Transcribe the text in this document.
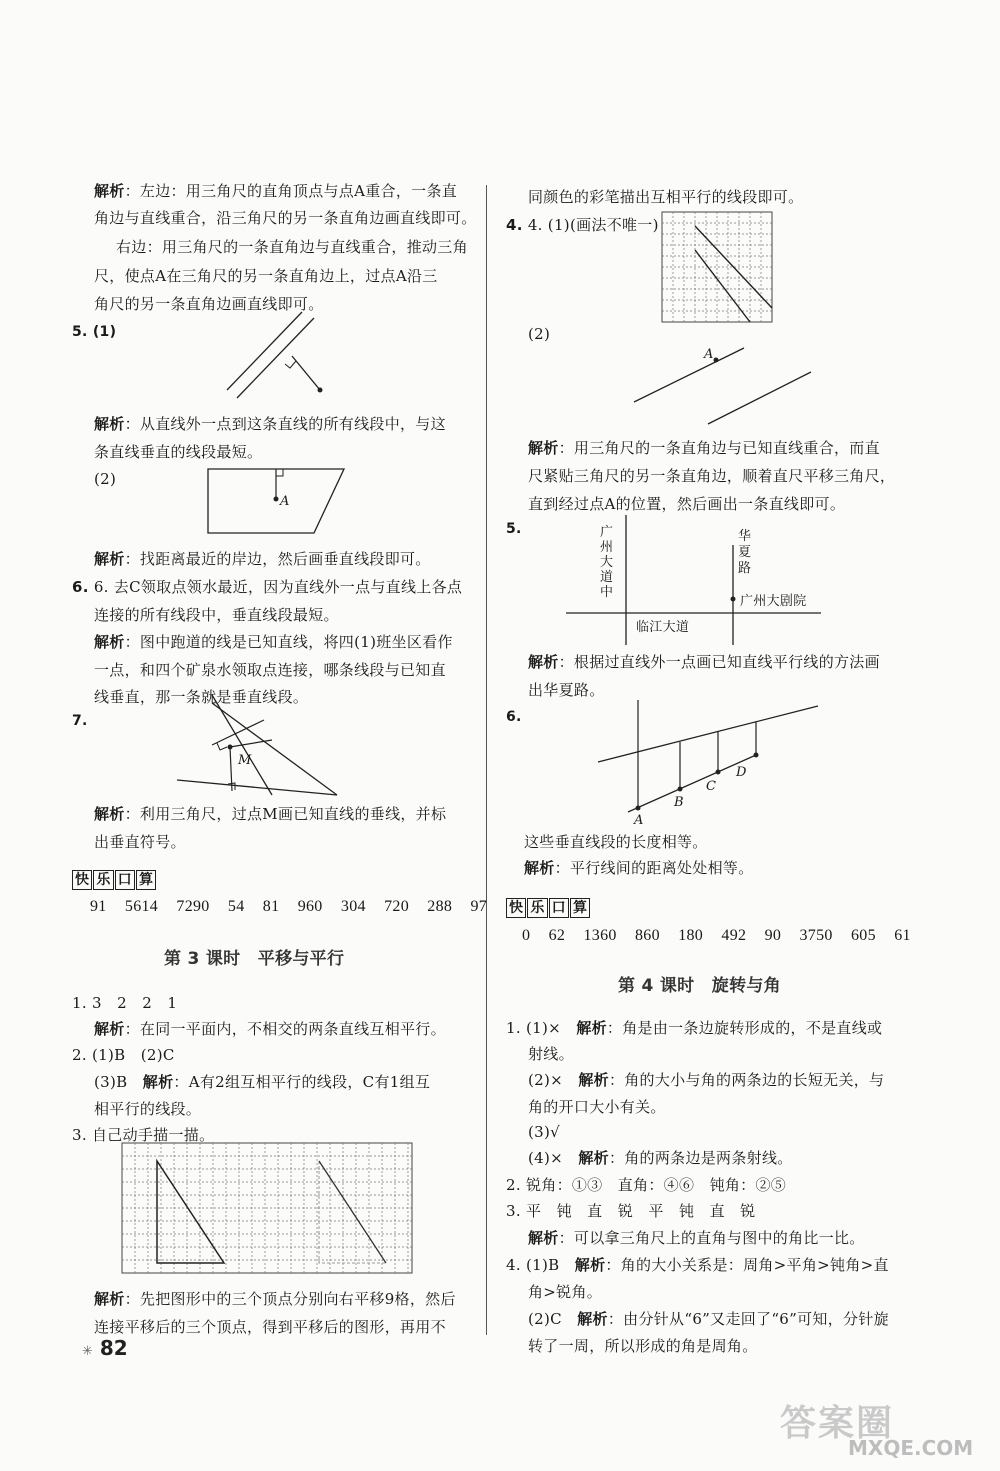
解析：左边：用三角尺的直角顶点与点A重合，一条直
角边与直线重合，沿三角尺的另一条直角边画直线即可。
右边：用三角尺的一条直角边与直线重合，推动三角
尺，使点A在三角尺的另一条直角边上，过点A沿三
角尺的另一条直角边画直线即可。
5. (1)
解析：从直线外一点到这条直线的所有线段中，与这
条直线垂直的线段最短。
(2)
A
解析：找距离最近的岸边，然后画垂直线段即可。
6. 6. 去C领取点领水最近，因为直线外一点与直线上各点
连接的所有线段中，垂直线段最短。
解析：图中跑道的线是已知直线，将四(1)班坐区看作
一点，和四个矿泉水领取点连接，哪条线段与已知直
线垂直，那一条就是垂直线段。
7.
M
解析：利用三角尺，过点M画已知直线的垂线，并标
出垂直符号。
快 乐 口 算
91 5614 7290 54 81 960 304 720 288 97
第 3 课时　平移与平行
1. 3　2　2　1
解析：在同一平面内，不相交的两条直线互相平行。
2. (1)B　(2)C
(3)B　 解析：A有2组互相平行的线段，C有1组互
相平行的线段。
3. 自己动手描一描。
解析：先把图形中的三个顶点分别向右平移9格，然后
连接平移后的三个顶点，得到平移后的图形，再用不
同颜色的彩笔描出互相平行的线段即可。
4. 4. (1)(画法不唯一)
(2)
A
解析：用三角尺的一条直角边与已知直线重合，而直
尺紧贴三角尺的另一条直角边，顺着直尺平移三角尺，
直到经过点A的位置，然后画出一条直线即可。
5.	广州大道中
华夏路
广州大剧院
临江大道
解析：根据过直线外一点画已知直线平行线的方法画
出华夏路。
6.
A
B
C
D
这些垂直线段的长度相等。
解析：平行线间的距离处处相等。
快 乐 口 算
0 62 1360 860 180 492 90 3750 605 61
第 4 课时　旋转与角
1. (1)×　 解析：角是由一条边旋转形成的，不是直线或
射线。
(2)×　 解析：角的大小与角的两条边的长短无关，与
角的开口大小有关。
(3)√
(4)×　 解析：角的两条边是两条射线。
2. 锐角：①③　直角：④⑥　钝角：②⑤
3. 平　钝　直　锐　平　钝　直　锐
解析：可以拿三角尺上的直角与图中的角比一比。
4. (1)B　 解析：角的大小关系是：周角>平角>钝角>直
角>锐角。
(2)C　 解析：由分针从“6”又走回了“6”可知，分针旋
转了一周，所以形成的角是周角。
✳ 82
答案圈
MXQE.COM
